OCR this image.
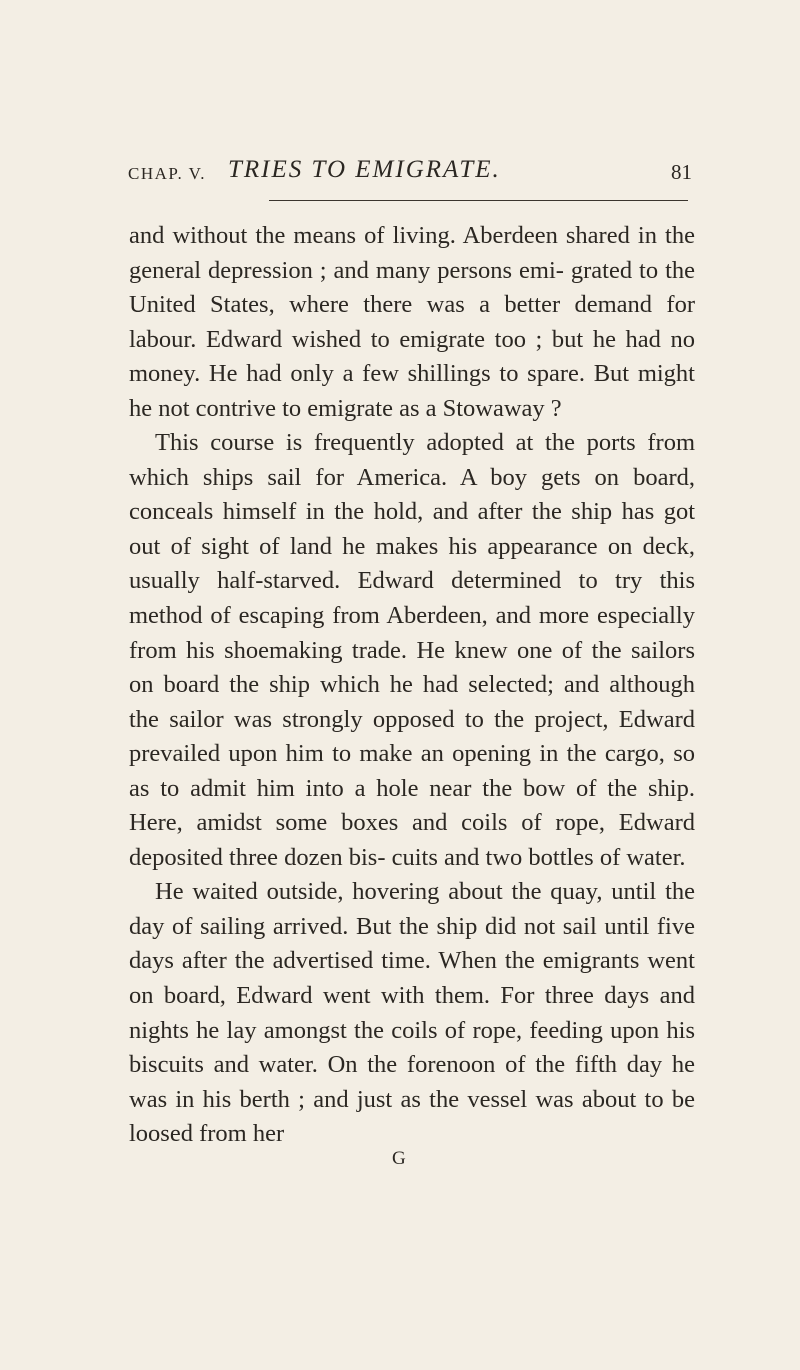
CHAP. V. TRIES TO EMIGRATE.	81

and without the means of living. Aberdeen shared in the general depression ; and many persons emi- grated to the United States, where there was a better demand for labour. Edward wished to emigrate too ; but he had no money. He had only a few shillings to spare. But might he not contrive to emigrate as a Stowaway ?

This course is frequently adopted at the ports from which ships sail for America. A boy gets on board, conceals himself in the hold, and after the ship has got out of sight of land he makes his appearance on deck, usually half-starved. Edward determined to try this method of escaping from Aberdeen, and more especially from his shoemaking trade. He knew one of the sailors on board the ship which he had selected; and although the sailor was strongly opposed to the project, Edward prevailed upon him to make an opening in the cargo, so as to admit him into a hole near the bow of the ship. Here, amidst some boxes and coils of rope, Edward deposited three dozen bis- cuits and two bottles of water.

He waited outside, hovering about the quay, until the day of sailing arrived. But the ship did not sail until five days after the advertised time. When the emigrants went on board, Edward went with them. For three days and nights he lay amongst the coils of rope, feeding upon his biscuits and water. On the forenoon of the fifth day he was in his berth ; and just as the vessel was about to be loosed from her

G
